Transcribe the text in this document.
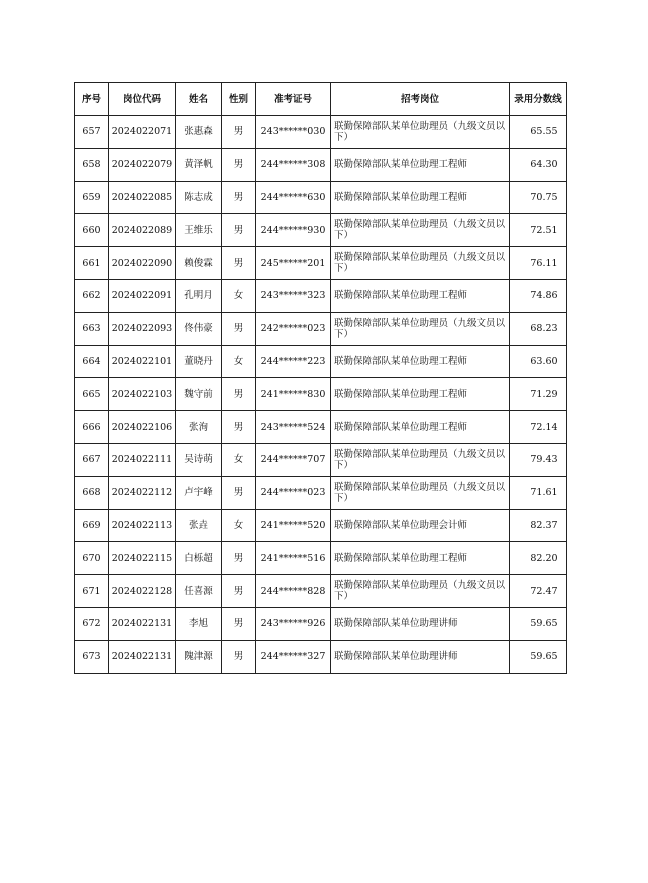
序号	岗位代码	姓名	性别	准考证号	招考岗位	录用分数线
657	2024022071	张惠森	男	243******030	联勤保障部队某单位助理员（九级文员以下）	65.55
658	2024022079	黄泽帆	男	244******308	联勤保障部队某单位助理工程师	64.30
659	2024022085	陈志成	男	244******630	联勤保障部队某单位助理工程师	70.75
660	2024022089	王维乐	男	244******930	联勤保障部队某单位助理员（九级文员以下）	72.51
661	2024022090	赖俊霖	男	245******201	联勤保障部队某单位助理员（九级文员以下）	76.11
662	2024022091	孔明月	女	243******323	联勤保障部队某单位助理工程师	74.86
663	2024022093	佟伟豪	男	242******023	联勤保障部队某单位助理员（九级文员以下）	68.23
664	2024022101	董晓丹	女	244******223	联勤保障部队某单位助理工程师	63.60
665	2024022103	魏守前	男	241******830	联勤保障部队某单位助理工程师	71.29
666	2024022106	张洵	男	243******524	联勤保障部队某单位助理工程师	72.14
667	2024022111	吴诗萌	女	244******707	联勤保障部队某单位助理员（九级文员以下）	79.43
668	2024022112	卢宇峰	男	244******023	联勤保障部队某单位助理员（九级文员以下）	71.61
669	2024022113	张垚	女	241******520	联勤保障部队某单位助理会计师	82.37
670	2024022115	白栎超	男	241******516	联勤保障部队某单位助理工程师	82.20
671	2024022128	任喜源	男	244******828	联勤保障部队某单位助理员（九级文员以下）	72.47
672	2024022131	李旭	男	243******926	联勤保障部队某单位助理讲师	59.65
673	2024022131	隗津源	男	244******327	联勤保障部队某单位助理讲师	59.65
